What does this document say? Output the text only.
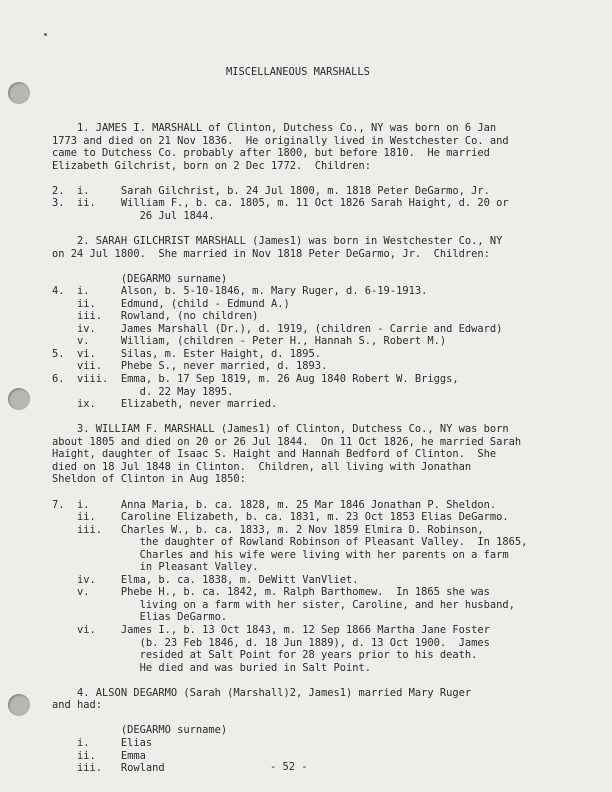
MISCELLANEOUS MARSHALLS
1. JAMES I. MARSHALL of Clinton, Dutchess Co., NY was born on 6 Jan
1773 and died on 21 Nov 1836.  He originally lived in Westchester Co. and
came to Dutchess Co. probably after 1800, but before 1810.  He married
Elizabeth Gilchrist, born on 2 Dec 1772.  Children:
2.  i.     Sarah Gilchrist, b. 24 Jul 1800, m. 1818 Peter DeGarmo, Jr.
3.  ii.    William F., b. ca. 1805, m. 11 Oct 1826 Sarah Haight, d. 20 or
26 Jul 1844.
2. SARAH GILCHRIST MARSHALL (James1) was born in Westchester Co., NY
on 24 Jul 1800.  She married in Nov 1818 Peter DeGarmo, Jr.  Children:
(DEGARMO surname)
4.  i.     Alson, b. 5-10-1846, m. Mary Ruger, d. 6-19-1913.
ii.    Edmund, (child - Edmund A.)
iii.   Rowland, (no children)
iv.    James Marshall (Dr.), d. 1919, (children - Carrie and Edward)
v.     William, (children - Peter H., Hannah S., Robert M.)
5.  vi.    Silas, m. Ester Haight, d. 1895.
vii.   Phebe S., never married, d. 1893.
6.  viii.  Emma, b. 17 Sep 1819, m. 26 Aug 1840 Robert W. Briggs,
d. 22 May 1895.
ix.    Elizabeth, never married.
3. WILLIAM F. MARSHALL (James1) of Clinton, Dutchess Co., NY was born
about 1805 and died on 20 or 26 Jul 1844.  On 11 Oct 1826, he married Sarah
Haight, daughter of Isaac S. Haight and Hannah Bedford of Clinton.  She
died on 18 Jul 1848 in Clinton.  Children, all living with Jonathan
Sheldon of Clinton in Aug 1850:
7.  i.     Anna Maria, b. ca. 1828, m. 25 Mar 1846 Jonathan P. Sheldon.
ii.    Caroline Elizabeth, b. ca. 1831, m. 23 Oct 1853 Elias DeGarmo.
iii.   Charles W., b. ca. 1833, m. 2 Nov 1859 Elmira D. Robinson,
the daughter of Rowland Robinson of Pleasant Valley.  In 1865,
Charles and his wife were living with her parents on a farm
in Pleasant Valley.
iv.    Elma, b. ca. 1838, m. DeWitt VanVliet.
v.     Phebe H., b. ca. 1842, m. Ralph Barthomew.  In 1865 she was
living on a farm with her sister, Caroline, and her husband,
Elias DeGarmo.
vi.    James I., b. 13 Oct 1843, m. 12 Sep 1866 Martha Jane Foster
(b. 23 Feb 1846, d. 18 Jun 1889), d. 13 Oct 1900.  James
resided at Salt Point for 28 years prior to his death.
He died and was buried in Salt Point.
4. ALSON DEGARMO (Sarah (Marshall)2, James1) married Mary Ruger
and had:
(DEGARMO surname)
i.     Elias
ii.    Emma
iii.   Rowland	- 52 -
